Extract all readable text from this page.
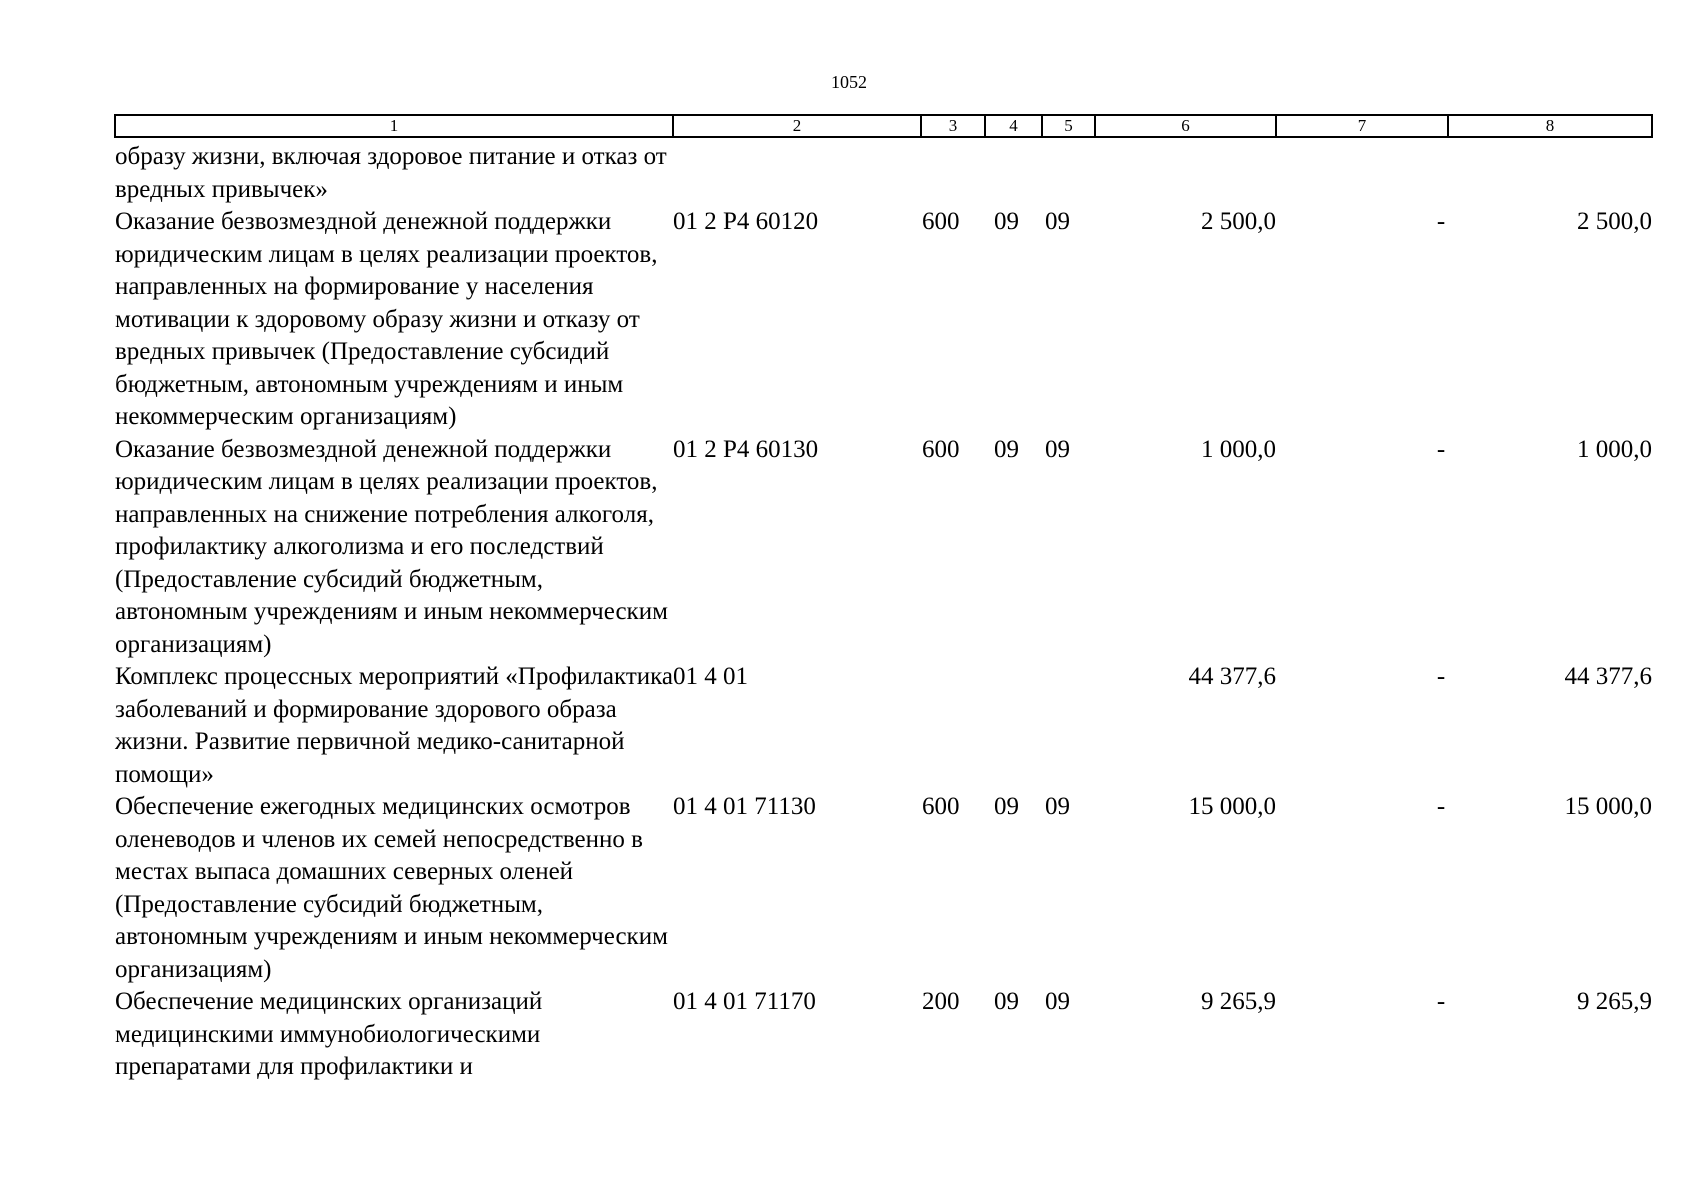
1052
1	2	3	4	5	6	7	8
образу жизни, включая здоровое питание и отказ от вредных привычек»							
Оказание безвозмездной денежной поддержки юридическим лицам в целях реализации проектов, направленных на формирование у населения мотивации к здоровому образу жизни и отказу от вредных привычек (Предоставление субсидий бюджетным, автономным учреждениям и иным некоммерческим организациям)	01 2 Р4 60120	600	09	09	2 500,0	-	2 500,0
Оказание безвозмездной денежной поддержки юридическим лицам в целях реализации проектов, направленных на снижение потребления алкоголя, профилактику алкоголизма и его последствий (Предоставление субсидий бюджетным, автономным учреждениям и иным некоммерческим организациям)	01 2 Р4 60130	600	09	09	1 000,0	-	1 000,0
Комплекс процессных мероприятий «Профилактика заболеваний и формирование здорового образа жизни. Развитие первичной медико-санитарной помощи»	01 4 01				44 377,6	-	44 377,6
Обеспечение ежегодных медицинских осмотров оленеводов и членов их семей непосредственно в местах выпаса домашних северных оленей (Предоставление субсидий бюджетным, автономным учреждениям и иным некоммерческим организациям)	01 4 01 71130	600	09	09	15 000,0	-	15 000,0
Обеспечение медицинских организаций медицинскими иммунобиологическими препаратами для профилактики и	01 4 01 71170	200	09	09	9 265,9	-	9 265,9
